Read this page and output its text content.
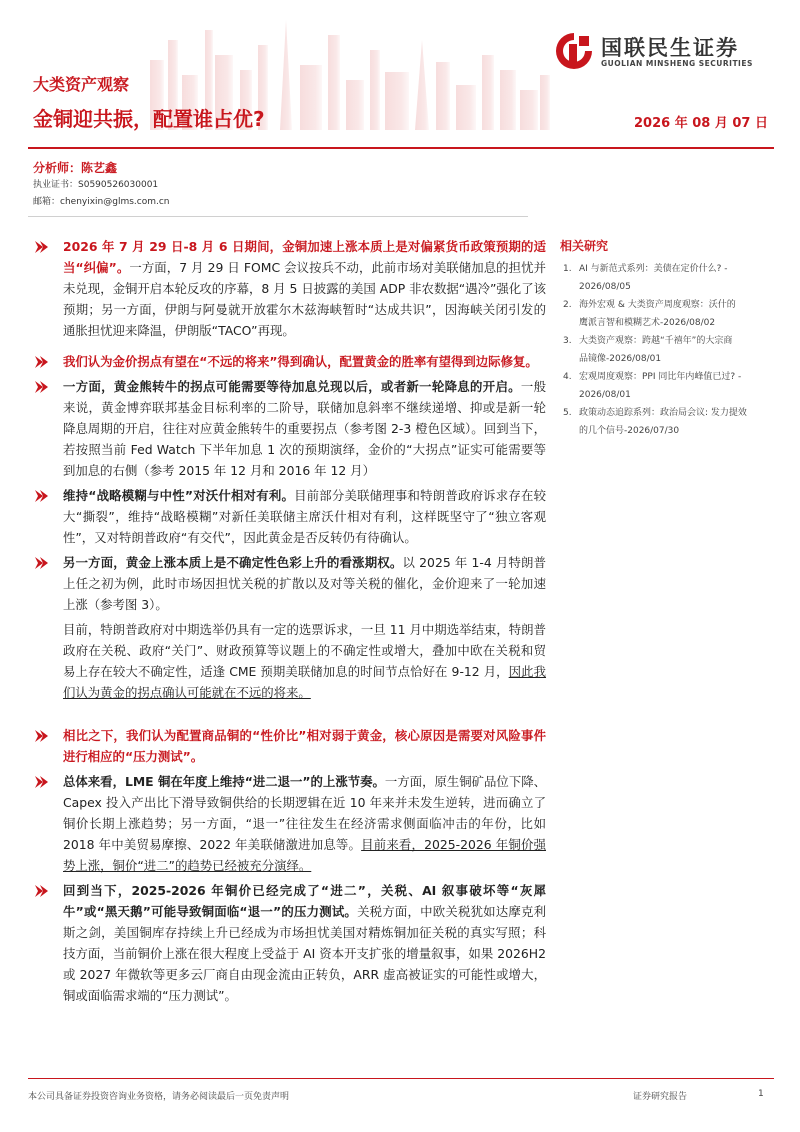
国联民生证券
GUOLIAN MINSHENG SECURITIES
大类资产观察
金铜迎共振，配置谁占优?	2026 年 08 月 07 日
分析师：陈艺鑫
执业证书：S0590526030001
邮箱：chenyixin@glms.com.cn
2026 年 7 月 29 日-8 月 6 日期间，金铜加速上涨本质上是对偏紧货币政策预期的适当“纠偏”。一方面，7 月 29 日 FOMC 会议按兵不动，此前市场对美联储加息的担忧并未兑现，金铜开启本轮反攻的序幕，8 月 5 日披露的美国 ADP 非农数据“遇冷”强化了该预期；另一方面，伊朗与阿曼就开放霍尔木兹海峡暂时“达成共识”，因海峡关闭引发的通胀担忧迎来降温，伊朗版“TACO”再现。
我们认为金价拐点有望在“不远的将来”得到确认，配置黄金的胜率有望得到边际修复。
一方面，黄金熊转牛的拐点可能需要等待加息兑现以后，或者新一轮降息的开启。一般来说，黄金博弈联邦基金目标利率的二阶导，联储加息斜率不继续递增、抑或是新一轮降息周期的开启，往往对应黄金熊转牛的重要拐点（参考图 2-3 橙色区域）。回到当下，若按照当前 Fed Watch 下半年加息 1 次的预期演绎，金价的“大拐点”证实可能需要等到加息的右侧（参考 2015 年 12 月和 2016 年 12 月）
维持“战略模糊与中性”对沃什相对有利。目前部分美联储理事和特朗普政府诉求存在较大“撕裂”，维持“战略模糊”对新任美联储主席沃什相对有利，这样既坚守了“独立客观性”，又对特朗普政府“有交代”，因此黄金是否反转仍有待确认。
另一方面，黄金上涨本质上是不确定性色彩上升的看涨期权。以 2025 年 1-4 月特朗普上任之初为例，此时市场因担忧关税的扩散以及对等关税的催化，金价迎来了一轮加速上涨（参考图 3）。
目前，特朗普政府对中期选举仍具有一定的选票诉求，一旦 11 月中期选举结束，特朗普政府在关税、政府“关门”、财政预算等议题上的不确定性或增大，叠加中欧在关税和贸易上存在较大不确定性，适逢 CME 预期美联储加息的时间节点恰好在 9-12 月，因此我们认为黄金的拐点确认可能就在不远的将来。
相比之下，我们认为配置商品铜的“性价比”相对弱于黄金，核心原因是需要对风险事件进行相应的“压力测试”。
总体来看，LME 铜在年度上维持“进二退一”的上涨节奏。一方面，原生铜矿品位下降、Capex 投入产出比下滑导致铜供给的长期逻辑在近 10 年来并未发生逆转，进而确立了铜价长期上涨趋势；另一方面，“退一”往往发生在经济需求侧面临冲击的年份，比如 2018 年中美贸易摩擦、2022 年美联储激进加息等。目前来看，2025-2026 年铜价强势上涨，铜价“进二”的趋势已经被充分演绎。
回到当下，2025-2026 年铜价已经完成了“进二”，关税、AI 叙事破坏等“灰犀牛”或“黑天鹅”可能导致铜面临“退一”的压力测试。关税方面，中欧关税犹如达摩克利斯之剑，美国铜库存持续上升已经成为市场担忧美国对精炼铜加征关税的真实写照；科技方面，当前铜价上涨在很大程度上受益于 AI 资本开支扩张的增量叙事，如果 2026H2 或 2027 年微软等更多云厂商自由现金流由正转负，ARR 虚高被证实的可能性或增大，铜或面临需求端的“压力测试”。
相关研究
1. AI 与新范式系列：美债在定价什么? -
2026/08/05
2. 海外宏观 & 大类资产周度观察：沃什的
鹰派言智和模糊艺术-2026/08/02
3. 大类资产观察：跨越“千禧年”的大宗商
品镜像-2026/08/01
4. 宏观周度观察：PPI 同比年内峰值已过? -
2026/08/01
5. 政策动态追踪系列：政治局会议: 发力提效
的几个信号-2026/07/30
本公司具备证券投资咨询业务资格，请务必阅读最后一页免责声明	证券研究报告	1
